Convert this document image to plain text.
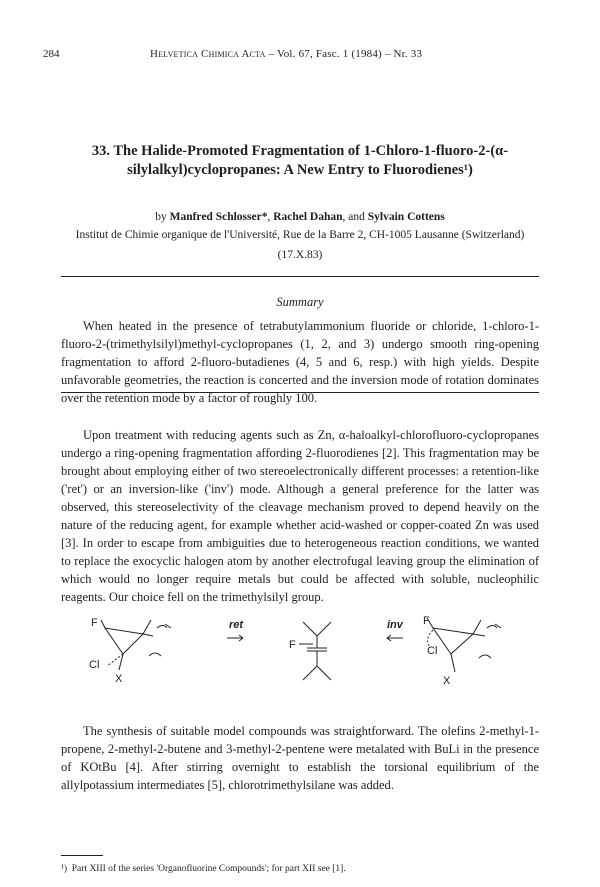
284	Helvetica Chimica Acta – Vol. 67, Fasc. 1 (1984) – Nr. 33
33. The Halide-Promoted Fragmentation of 1-Chloro-1-fluoro-2-(α-silylalkyl)cyclopropanes: A New Entry to Fluorodienes¹)
by Manfred Schlosser*, Rachel Dahan, and Sylvain Cottens
Institut de Chimie organique de l'Université, Rue de la Barre 2, CH-1005 Lausanne (Switzerland)
(17.X.83)
Summary
When heated in the presence of tetrabutylammonium fluoride or chloride, 1-chloro-1-fluoro-2-(trimethylsilyl)methyl-cyclopropanes (1, 2, and 3) undergo smooth ring-opening fragmentation to afford 2-fluoro-butadienes (4, 5 and 6, resp.) with high yields. Despite unfavorable geometries, the reaction is concerted and the inversion mode of rotation dominates over the retention mode by a factor of roughly 100.
Upon treatment with reducing agents such as Zn, α-haloalkyl-chlorofluoro-cyclopropanes undergo a ring-opening fragmentation affording 2-fluorodienes [2]. This fragmentation may be brought about employing either of two stereoelectronically different processes: a retention-like ('ret') or an inversion-like ('inv') mode. Although a general preference for the latter was observed, this stereoselectivity of the cleavage mechanism proved to depend heavily on the nature of the reducing agent, for example whether acid-washed or copper-coated Zn was used [3]. In order to escape from ambiguities due to heterogeneous reaction conditions, we wanted to replace the exocyclic halogen atom by another electrofugal leaving group the elimination of which would no longer require metals but could be affected with soluble, nucleophilic reagents. Our choice fell on the trimethylsilyl group.
F
Cl
X
ret
F
inv F
Cl
X
The synthesis of suitable model compounds was straightforward. The olefins 2-methyl-1-propene, 2-methyl-2-butene and 3-methyl-2-pentene were metalated with BuLi in the presence of KOtBu [4]. After stirring overnight to establish the torsional equilibrium of the allylpotassium intermediates [5], chlorotrimethylsilane was added.
¹) Part XIII of the series 'Organofluorine Compounds'; for part XII see [1].
